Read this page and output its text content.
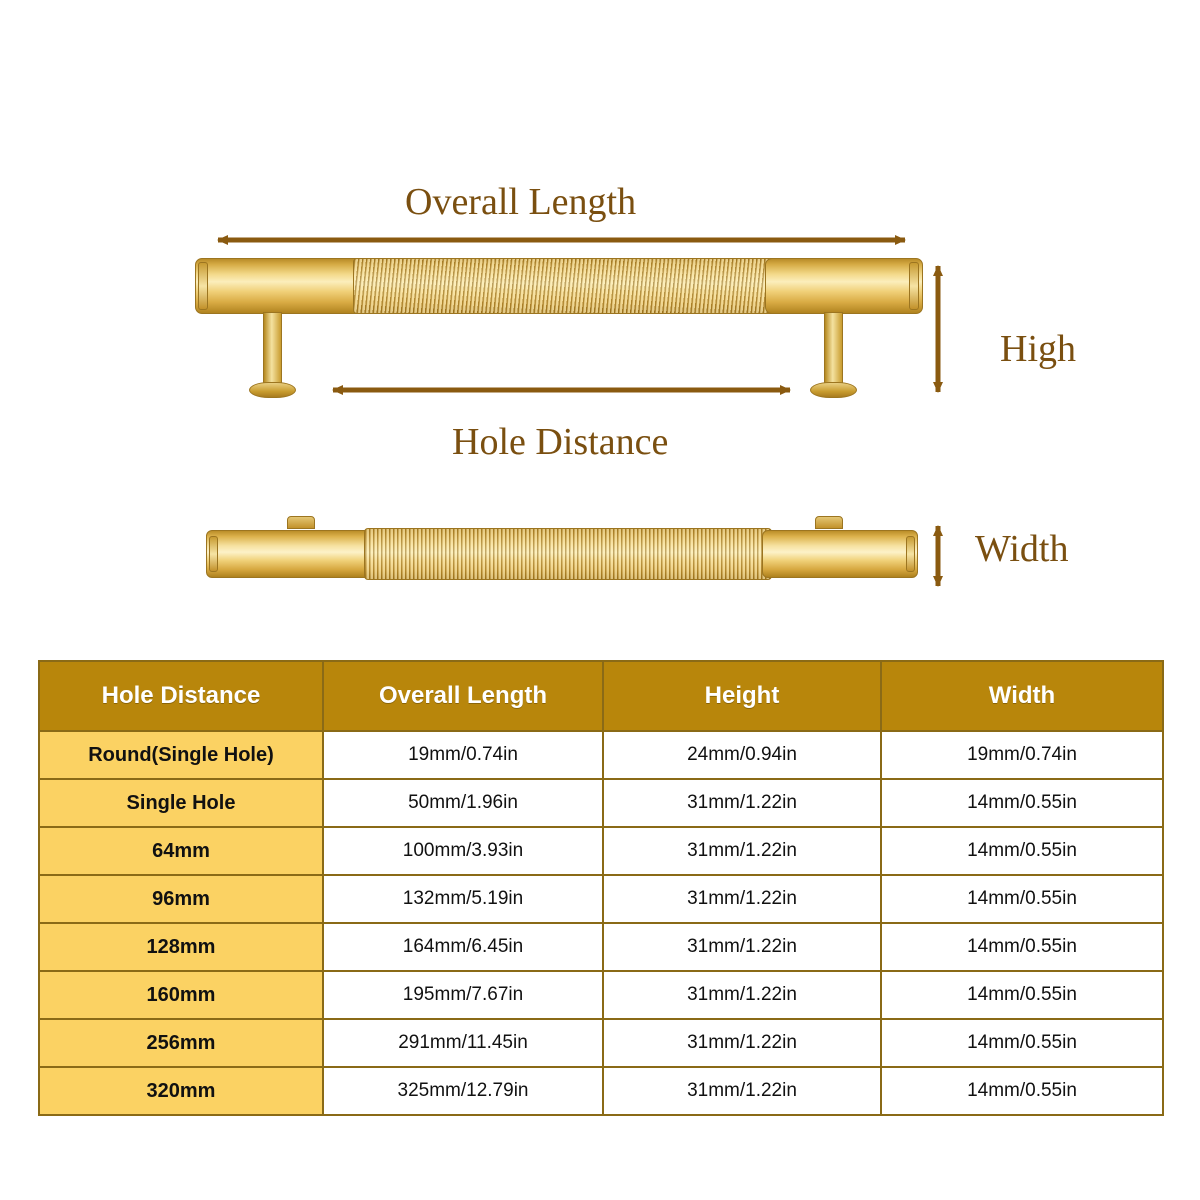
Overall Length
Hole Distance
High
Width
Hole Distance	Overall Length	Height	Width
Round(Single Hole)	19mm/0.74in	24mm/0.94in	19mm/0.74in
Single Hole	50mm/1.96in	31mm/1.22in	14mm/0.55in
64mm	100mm/3.93in	31mm/1.22in	14mm/0.55in
96mm	132mm/5.19in	31mm/1.22in	14mm/0.55in
128mm	164mm/6.45in	31mm/1.22in	14mm/0.55in
160mm	195mm/7.67in	31mm/1.22in	14mm/0.55in
256mm	291mm/11.45in	31mm/1.22in	14mm/0.55in
320mm	325mm/12.79in	31mm/1.22in	14mm/0.55in
